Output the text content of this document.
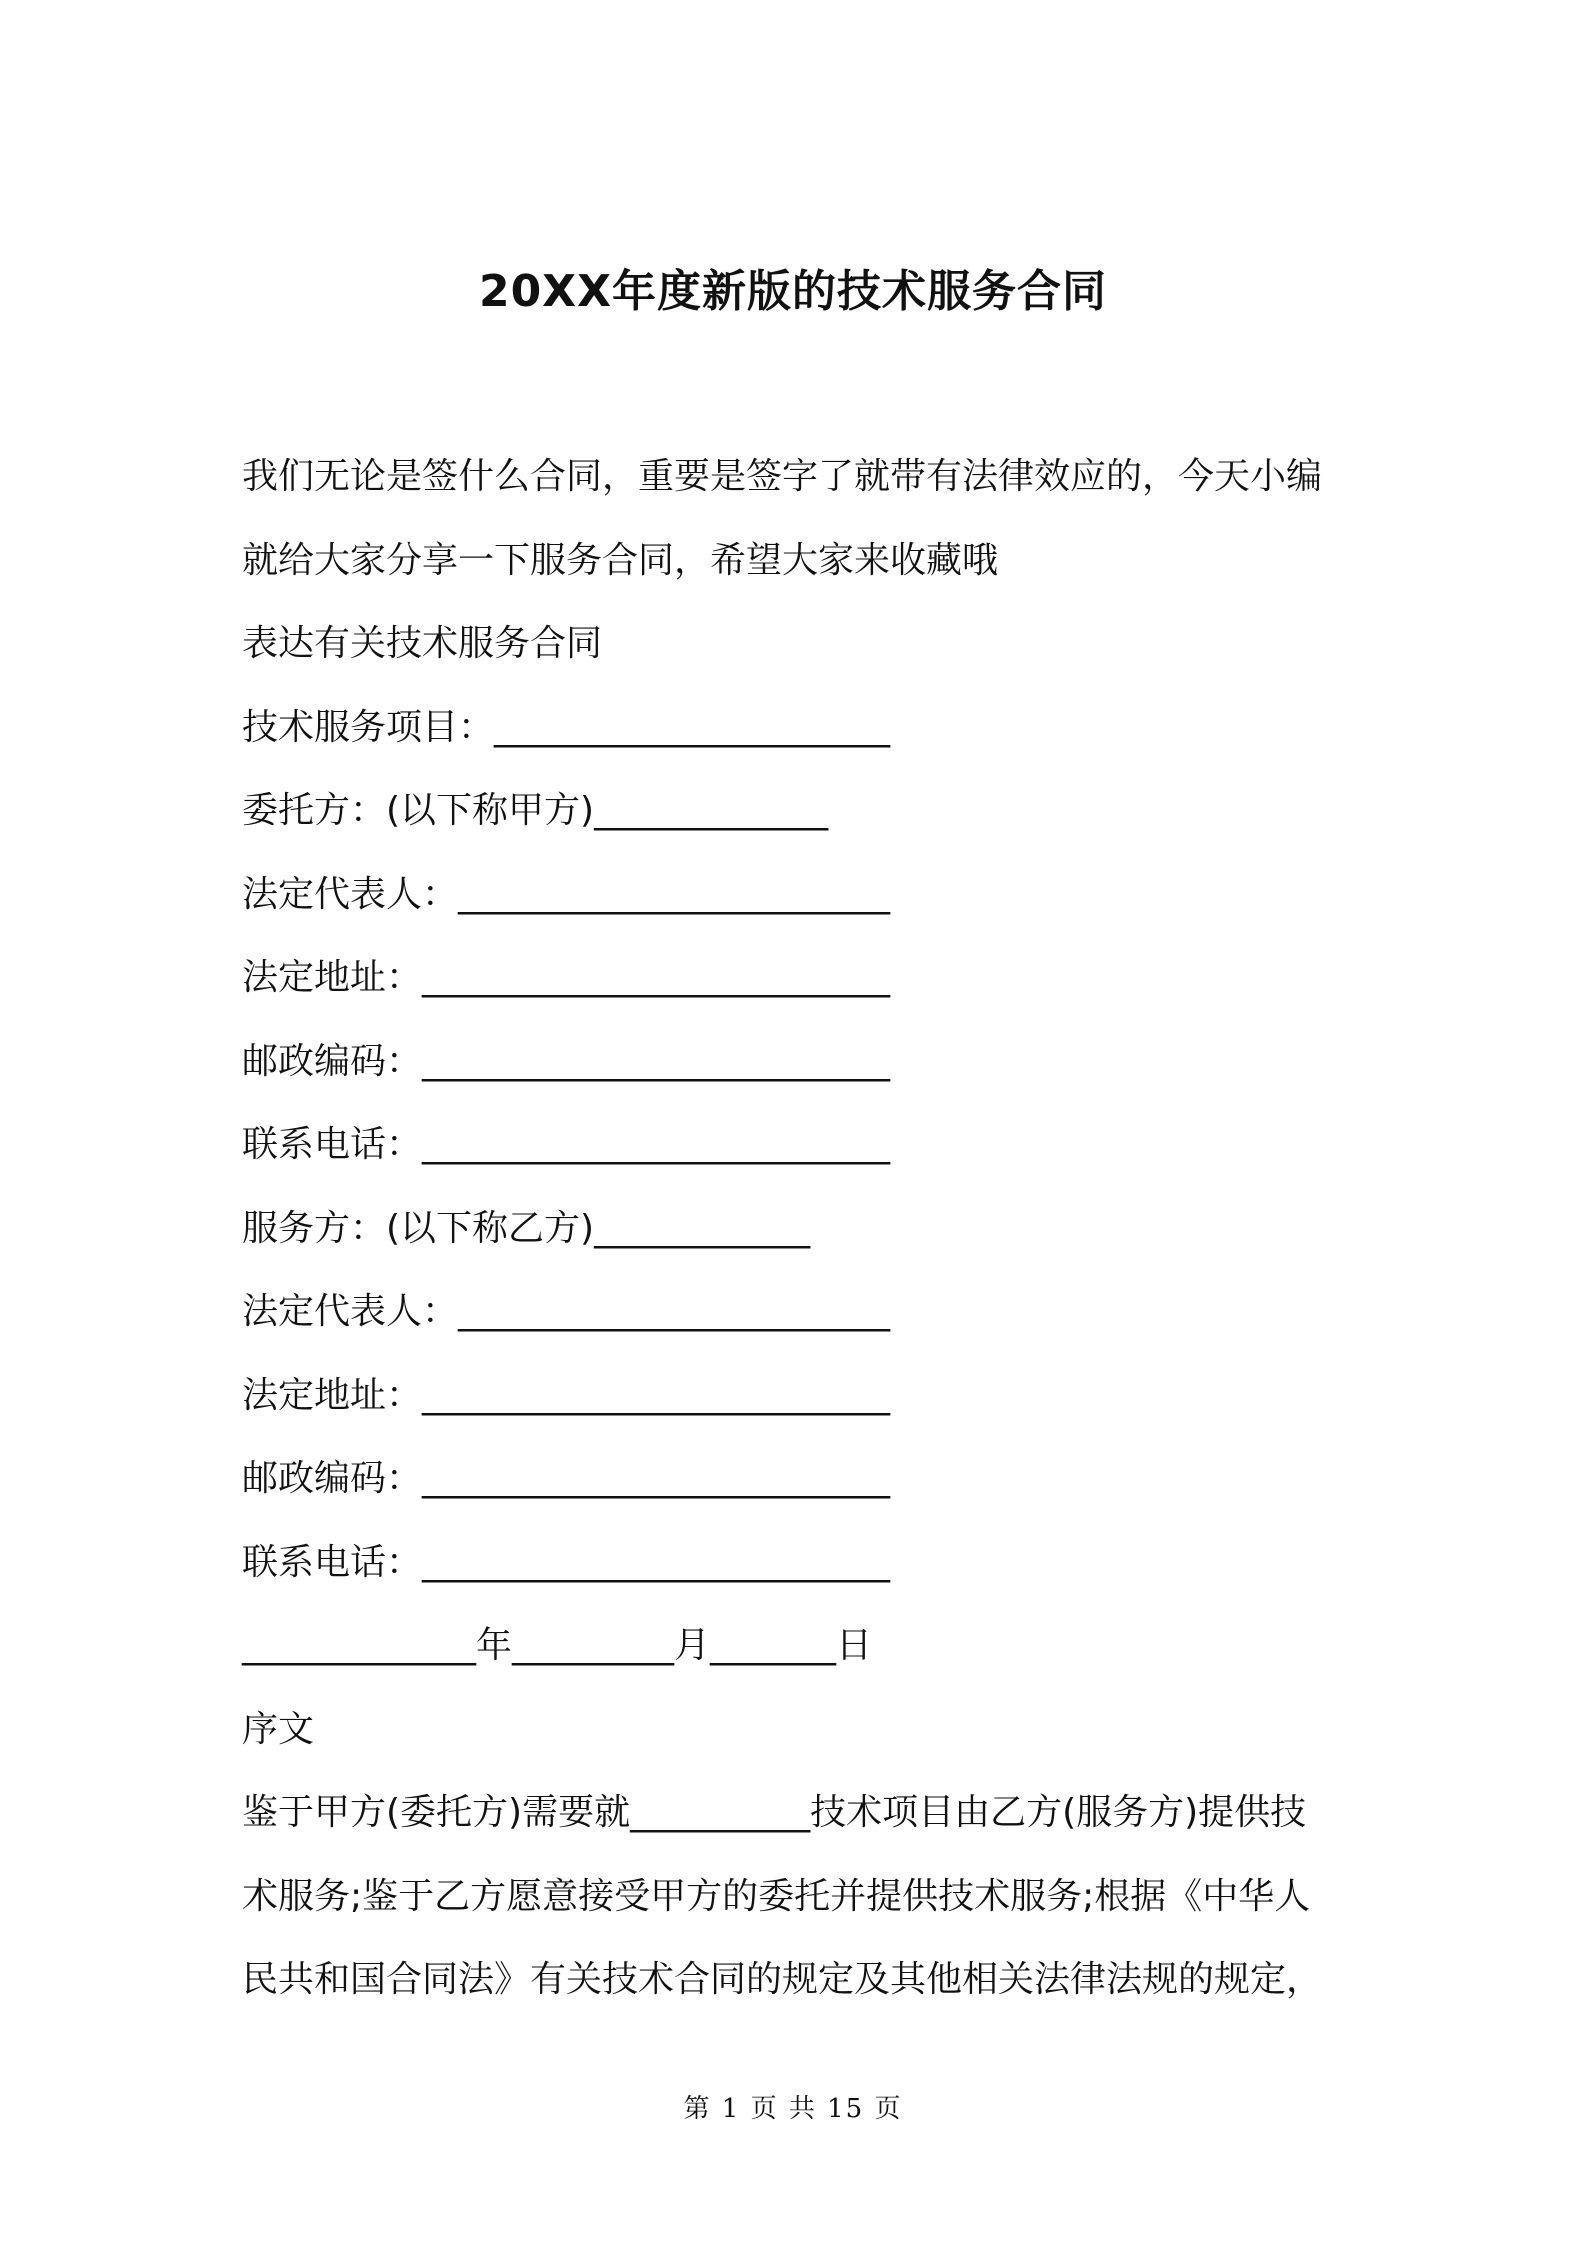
20XX年度新版的技术服务合同

我们无论是签什么合同，重要是签字了就带有法律效应的，今天小编

就给大家分享一下服务合同，希望大家来收藏哦

表达有关技术服务合同

技术服务项目：______________________

委托方：(以下称甲方)_____________

法定代表人：________________________

法定地址：__________________________

邮政编码：__________________________

联系电话：__________________________

服务方：(以下称乙方)____________

法定代表人：________________________

法定地址：__________________________

邮政编码：__________________________

联系电话：__________________________

_____________年_________月_______日

序文

鉴于甲方(委托方)需要就__________技术项目由乙方(服务方)提供技

术服务;鉴于乙方愿意接受甲方的委托并提供技术服务;根据《中华人

民共和国合同法》有关技术合同的规定及其他相关法律法规的规定，

第 1 页 共 15 页
